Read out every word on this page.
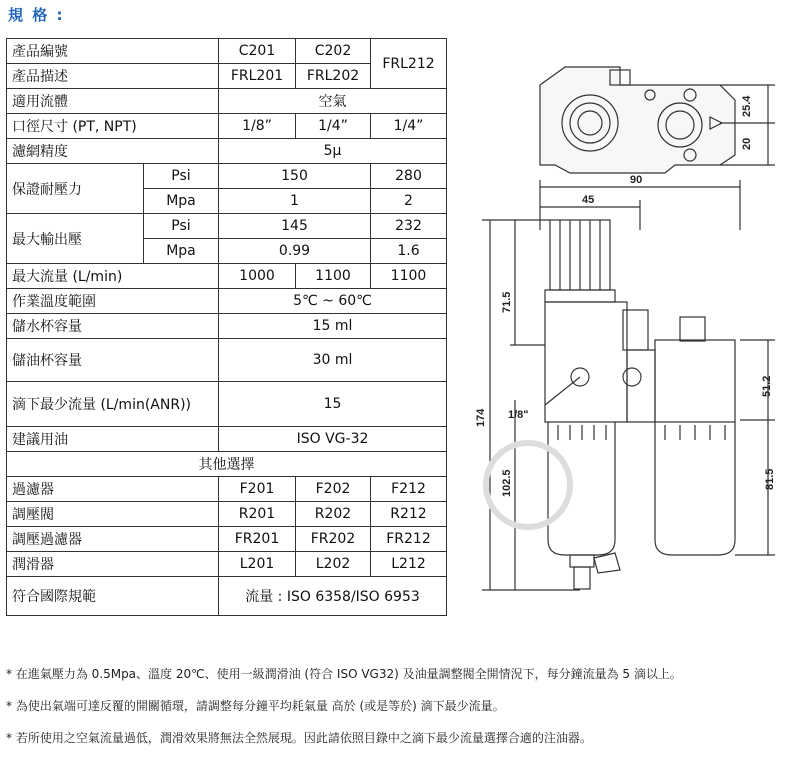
規 格 :
產品編號		C201	C202	FRL212
產品描述		FRL201	FRL202	
適用流體		空氣		
口徑尺寸 (PT, NPT)		1/8”	1/4”	1/4”
濾網精度		5μ		
保證耐壓力	Psi	150		280
	Mpa	1		2
最大輸出壓	Psi	145		232
	Mpa	0.99		1.6
最大流量 (L/min)		1000	1100	1100
作業溫度範圍		5℃ ~ 60℃		
儲水杯容量		15 ml		
儲油杯容量		30 ml		
滴下最少流量 (L/min(ANR))		15		
建議用油		ISO VG-32		
其他選擇				
過濾器		F201	F202	F212
調壓閥		R201	R202	R212
調壓過濾器		FR201	FR202	FR212
潤滑器		L201	L202	L212
符合國際規範		流量 : ISO 6358/ISO 6953		
25.4
20
90
45
71.5
51.2
174 1/8"
102.5	81.5
* 在進氣壓力為 0.5Mpa、溫度 20℃、使用一級潤滑油 (符合 ISO VG32) 及油量調整閥全開情況下，每分鐘流量為 5 滴以上。
* 為使出氣端可達反覆的開關循環，請調整每分鐘平均耗氣量 高於 (或是等於) 滴下最少流量。
* 若所使用之空氣流量過低，潤滑效果將無法全然展現。因此請依照目錄中之滴下最少流量選擇合適的注油器。
